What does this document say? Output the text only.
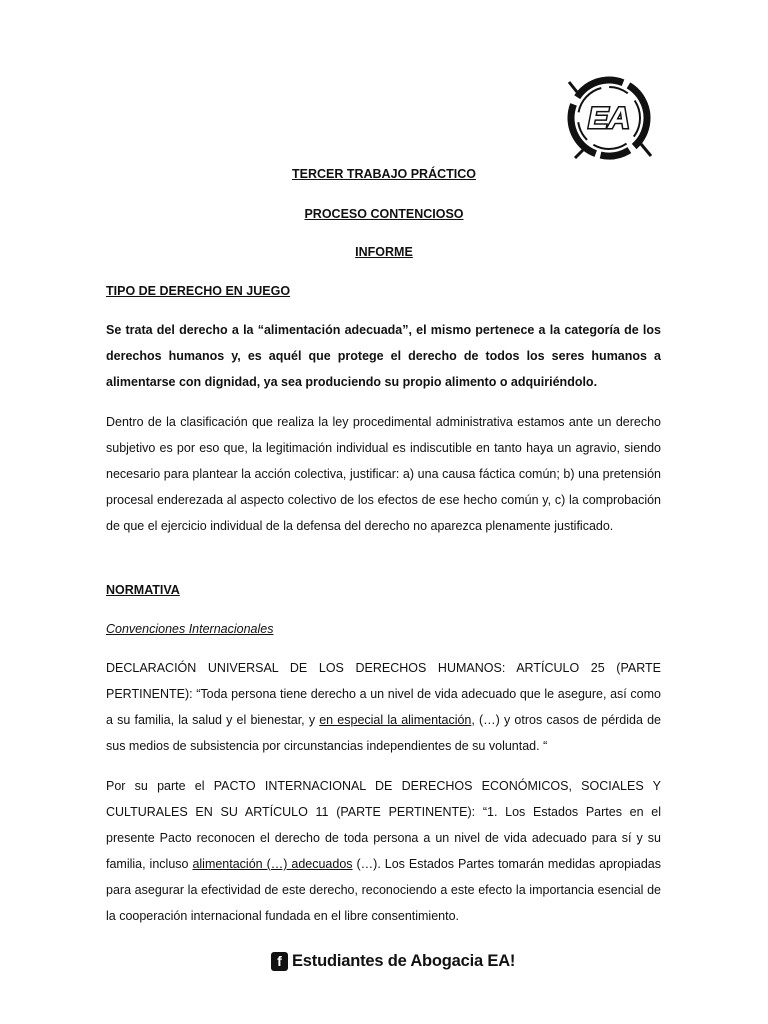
EA
TERCER TRABAJO PRÁCTICO
PROCESO CONTENCIOSO
INFORME
TIPO DE DERECHO EN JUEGO

Se trata del derecho a la “alimentación adecuada”, el mismo pertenece a la categoría de los derechos humanos y, es aquél que protege el derecho de todos los seres humanos a alimentarse con dignidad, ya sea produciendo su propio alimento o adquiriéndolo.

Dentro de la clasificación que realiza la ley procedimental administrativa estamos ante un derecho subjetivo es por eso que, la legitimación individual es indiscutible en tanto haya un agravio, siendo necesario para plantear la acción colectiva, justificar: a) una causa fáctica común; b) una pretensión procesal enderezada al aspecto colectivo de los efectos de ese hecho común y, c) la comprobación de que el ejercicio individual de la defensa del derecho no aparezca plenamente justificado.

NORMATIVA
Convenciones Internacionales

DECLARACIÓN UNIVERSAL DE LOS DERECHOS HUMANOS: ARTÍCULO 25 (PARTE PERTINENTE): “Toda persona tiene derecho a un nivel de vida adecuado que le asegure, así como a su familia, la salud y el bienestar, y en especial la alimentación, (…) y otros casos de pérdida de sus medios de subsistencia por circunstancias independientes de su voluntad. “

Por su parte el PACTO INTERNACIONAL DE DERECHOS ECONÓMICOS, SOCIALES Y CULTURALES EN SU ARTÍCULO 11 (PARTE PERTINENTE): “1. Los Estados Partes en el presente Pacto reconocen el derecho de toda persona a un nivel de vida adecuado para sí y su familia, incluso alimentación (…) adecuados (…). Los Estados Partes tomarán medidas apropiadas para asegurar la efectividad de este derecho, reconociendo a este efecto la importancia esencial de la cooperación internacional fundada en el libre consentimiento.

f Estudiantes de Abogacia EA!
